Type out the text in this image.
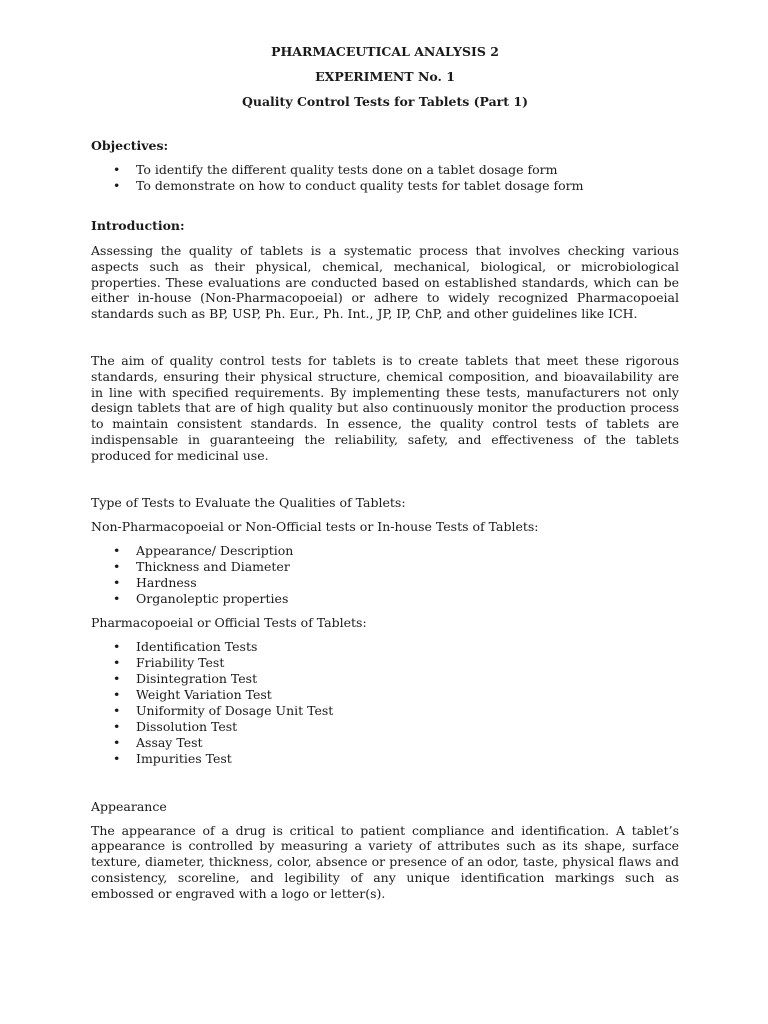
PHARMACEUTICAL ANALYSIS 2

EXPERIMENT No. 1

Quality Control Tests for Tablets (Part 1)

Objectives:

• To identify the different quality tests done on a tablet dosage form
• To demonstrate on how to conduct quality tests for tablet dosage form

Introduction:

Assessing the quality of tablets is a systematic process that involves checking various aspects such as their physical, chemical, mechanical, biological, or microbiological properties. These evaluations are conducted based on established standards, which can be either in-house (Non-Pharmacopoeial) or adhere to widely recognized Pharmacopoeial standards such as BP, USP, Ph. Eur., Ph. Int., JP, IP, ChP, and other guidelines like ICH.

The aim of quality control tests for tablets is to create tablets that meet these rigorous standards, ensuring their physical structure, chemical composition, and bioavailability are in line with specified requirements. By implementing these tests, manufacturers not only design tablets that are of high quality but also continuously monitor the production process to maintain consistent standards. In essence, the quality control tests of tablets are indispensable in guaranteeing the reliability, safety, and effectiveness of the tablets produced for medicinal use.

Type of Tests to Evaluate the Qualities of Tablets:

Non-Pharmacopoeial or Non-Official tests or In-house Tests of Tablets:

• Appearance/ Description
• Thickness and Diameter
• Hardness
• Organoleptic properties

Pharmacopoeial or Official Tests of Tablets:

• Identification Tests
• Friability Test
• Disintegration Test
• Weight Variation Test
• Uniformity of Dosage Unit Test
• Dissolution Test
• Assay Test
• Impurities Test

Appearance

The appearance of a drug is critical to patient compliance and identification. A tablet’s appearance is controlled by measuring a variety of attributes such as its shape, surface texture, diameter, thickness, color, absence or presence of an odor, taste, physical flaws and consistency, scoreline, and legibility of any unique identification markings such as embossed or engraved with a logo or letter(s).
